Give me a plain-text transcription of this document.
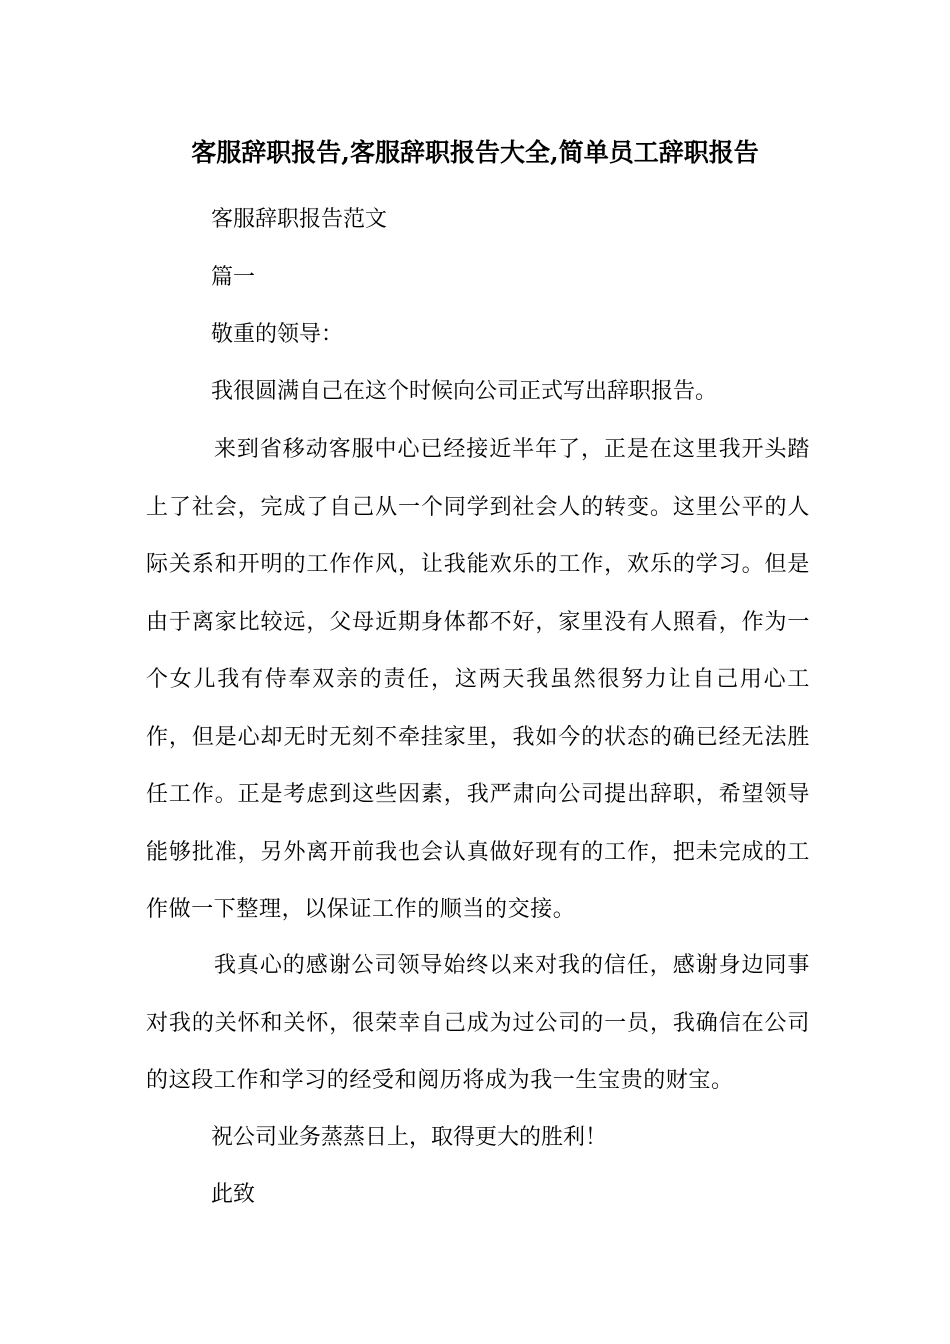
客服辞职报告,客服辞职报告大全,简单员工辞职报告
客服辞职报告范文
篇一
敬重的领导：
我很圆满自己在这个时候向公司正式写出辞职报告。
来到省移动客服中心已经接近半年了，正是在这里我开头踏上了社会，完成了自己从一个同学到社会人的转变。这里公平的人际关系和开明的工作作风，让我能欢乐的工作，欢乐的学习。但是由于离家比较远，父母近期身体都不好，家里没有人照看，作为一个女儿我有侍奉双亲的责任，这两天我虽然很努力让自己用心工作，但是心却无时无刻不牵挂家里，我如今的状态的确已经无法胜任工作。正是考虑到这些因素，我严肃向公司提出辞职，希望领导能够批准，另外离开前我也会认真做好现有的工作，把未完成的工作做一下整理，以保证工作的顺当的交接。
我真心的感谢公司领导始终以来对我的信任，感谢身边同事对我的关怀和关怀，很荣幸自己成为过公司的一员，我确信在公司的这段工作和学习的经受和阅历将成为我一生宝贵的财宝。
祝公司业务蒸蒸日上，取得更大的胜利！
此致
